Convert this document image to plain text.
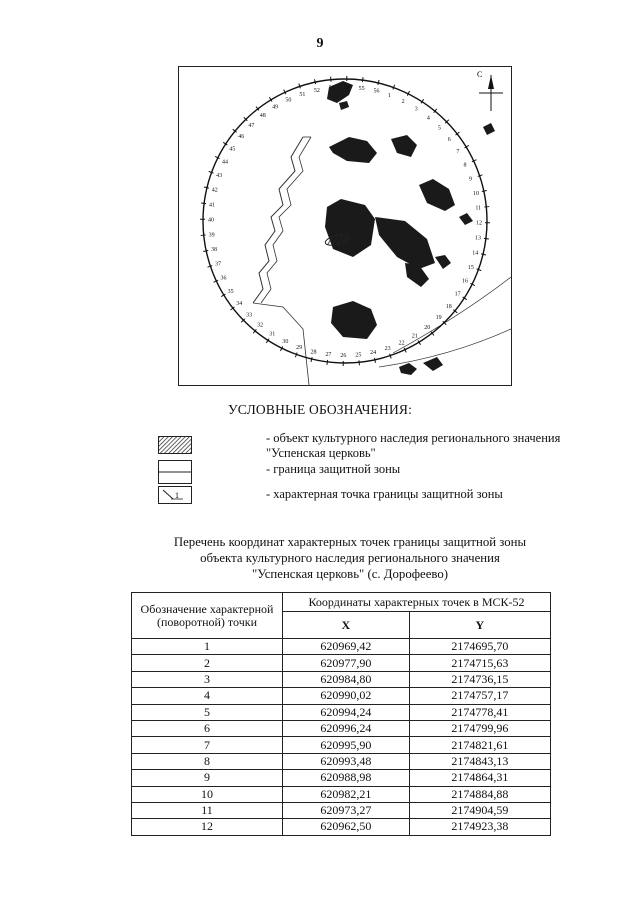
9
1
2
3
4
5
6
7
8
9
10
11
12
13
14
15
16
17
18
19
20
21
22
23
24
25
26
27
28
29
30
31
32
33
34
35
36
37
38
39
40
41
42
43
44
45
46
47
48
49
50
51
52 53 54 55 56
С
УСЛОВНЫЕ ОБОЗНАЧЕНИЯ:
- объект культурного наследия регионального значения "Успенская церковь"
- граница защитной зоны
1	- характерная точка границы защитной зоны
Перечень координат характерных точек границы защитной зоны
объекта культурного наследия регионального значения
"Успенская церковь" (с. Дорофеево)
Обозначение характерной (поворотной) точки	Координаты характерных точек в МСК-52	
	X	Y
1	620969,42	2174695,70
2	620977,90	2174715,63
3	620984,80	2174736,15
4	620990,02	2174757,17
5	620994,24	2174778,41
6	620996,24	2174799,96
7	620995,90	2174821,61
8	620993,48	2174843,13
9	620988,98	2174864,31
10	620982,21	2174884,88
11	620973,27	2174904,59
12	620962,50	2174923,38
